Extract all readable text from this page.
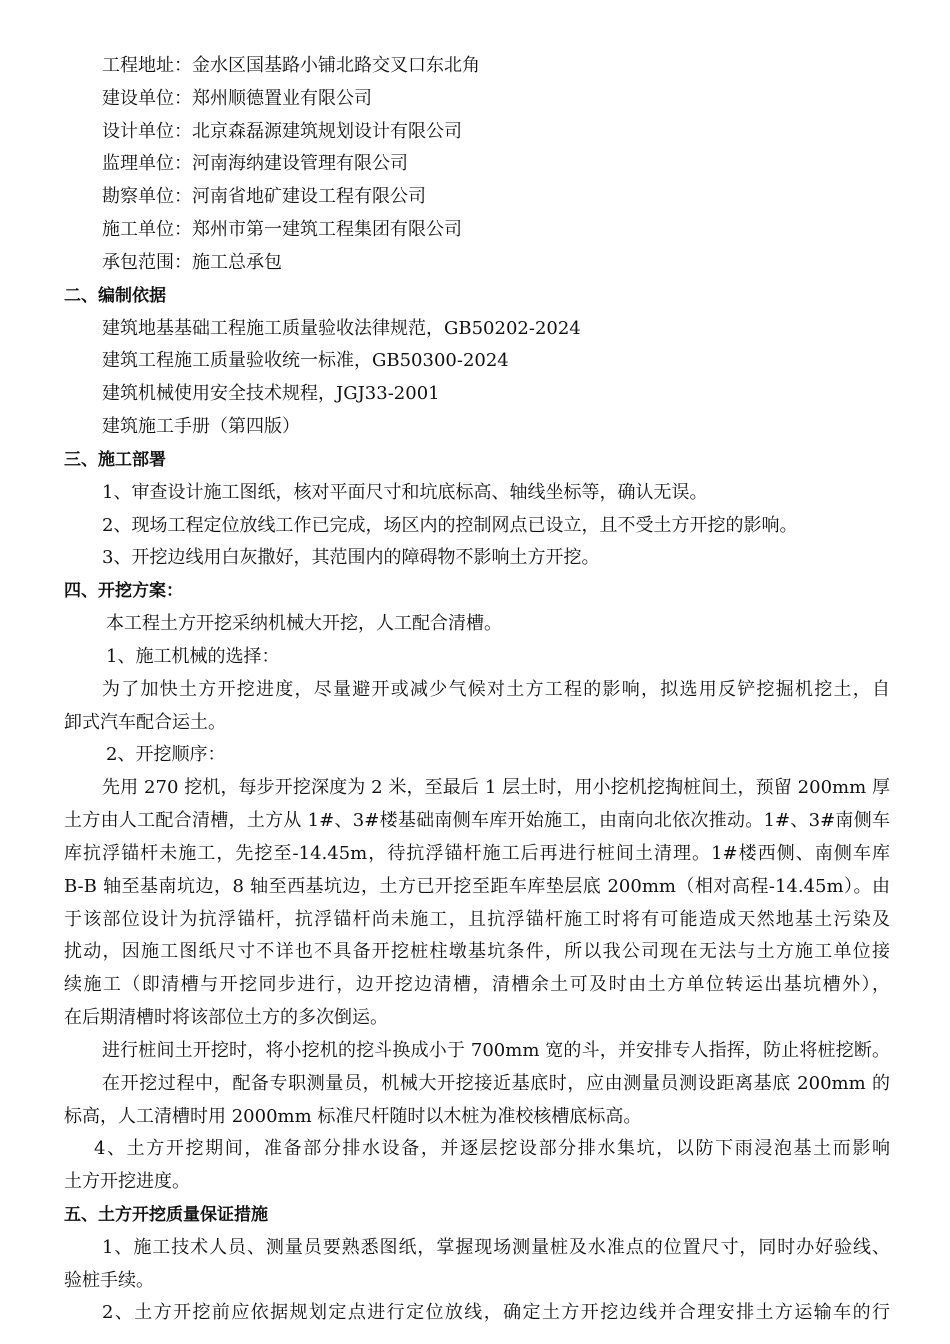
工程地址：金水区国基路小铺北路交叉口东北角
建设单位：郑州顺德置业有限公司
设计单位：北京森磊源建筑规划设计有限公司
监理单位：河南海纳建设管理有限公司
勘察单位：河南省地矿建设工程有限公司
施工单位：郑州市第一建筑工程集团有限公司
承包范围：施工总承包
二、编制依据
建筑地基基础工程施工质量验收法律规范，GB50202-2024
建筑工程施工质量验收统一标准，GB50300-2024
建筑机械使用安全技术规程，JGJ33-2001
建筑施工手册（第四版）
三、施工部署
1、审查设计施工图纸，核对平面尺寸和坑底标高、轴线坐标等，确认无误。
2、现场工程定位放线工作已完成，场区内的控制网点已设立，且不受土方开挖的影响。
3、开挖边线用白灰撒好，其范围内的障碍物不影响土方开挖。
四、开挖方案：
本工程土方开挖采纳机械大开挖，人工配合清槽。
1、施工机械的选择：
为了加快土方开挖进度，尽量避开或减少气候对土方工程的影响，拟选用反铲挖掘机挖土，自
卸式汽车配合运土。
2、开挖顺序：
先用 270 挖机，每步开挖深度为 2 米，至最后 1 层土时，用小挖机挖掏桩间土，预留 200mm 厚
土方由人工配合清槽，土方从 1#、3#楼基础南侧车库开始施工，由南向北依次推动。1#、3#南侧车
库抗浮锚杆未施工，先挖至-14.45m，待抗浮锚杆施工后再进行桩间土清理。1#楼西侧、南侧车库
B-B 轴至基南坑边，8 轴至西基坑边，土方已开挖至距车库垫层底 200mm（相对高程-14.45m）。由
于该部位设计为抗浮锚杆，抗浮锚杆尚未施工，且抗浮锚杆施工时将有可能造成天然地基土污染及
扰动，因施工图纸尺寸不详也不具备开挖桩柱墩基坑条件，所以我公司现在无法与土方施工单位接
续施工（即清槽与开挖同步进行，边开挖边清槽，清槽余土可及时由土方单位转运出基坑槽外），
在后期清槽时将该部位土方的多次倒运。
进行桩间土开挖时，将小挖机的挖斗换成小于 700mm 宽的斗，并安排专人指挥，防止将桩挖断。
在开挖过程中，配备专职测量员，机械大开挖接近基底时，应由测量员测设距离基底 200mm 的
标高，人工清槽时用 2000mm 标准尺杆随时以木桩为准校核槽底标高。
4、土方开挖期间，准备部分排水设备，并逐层挖设部分排水集坑，以防下雨浸泡基土而影响
土方开挖进度。
五、土方开挖质量保证措施
1、施工技术人员、测量员要熟悉图纸，掌握现场测量桩及水准点的位置尺寸，同时办好验线、
验桩手续。
2、土方开挖前应依据规划定点进行定位放线，确定土方开挖边线并合理安排土方运输车的行
